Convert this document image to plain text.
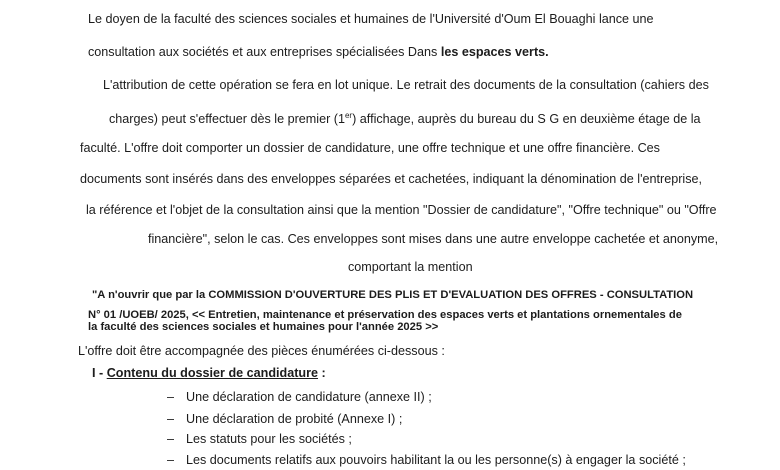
Le doyen de la faculté des sciences sociales et humaines de l'Université d'Oum El Bouaghi lance une
consultation aux sociétés et aux entreprises spécialisées Dans les espaces verts.
L'attribution de cette opération se fera en lot unique. Le retrait des documents de la consultation (cahiers des
charges) peut s'effectuer dès le premier (1er) affichage, auprès du bureau du S G en deuxième étage de la
faculté. L'offre doit comporter un dossier de candidature, une offre technique et une offre financière. Ces
documents sont insérés dans des enveloppes séparées et cachetées, indiquant la dénomination de l'entreprise,
la référence et l'objet de la consultation ainsi que la mention "Dossier de candidature", "Offre technique" ou "Offre
financière", selon le cas. Ces enveloppes sont mises dans une autre enveloppe cachetée et anonyme,
comportant la mention
"A n'ouvrir que par la COMMISSION D'OUVERTURE DES PLIS ET D'EVALUATION DES OFFRES - CONSULTATION
N° 01 /UOEB/ 2025, << Entretien, maintenance et préservation des espaces verts et plantations ornementales de
la faculté des sciences sociales et humaines pour l'année 2025 >>
L'offre doit être accompagnée des pièces énumérées ci-dessous :
I - Contenu du dossier de candidature :
– Une déclaration de candidature (annexe II) ;
– Une déclaration de probité (Annexe I) ;
– Les statuts pour les sociétés ;
– Les documents relatifs aux pouvoirs habilitant la ou les personne(s) à engager la société ;
